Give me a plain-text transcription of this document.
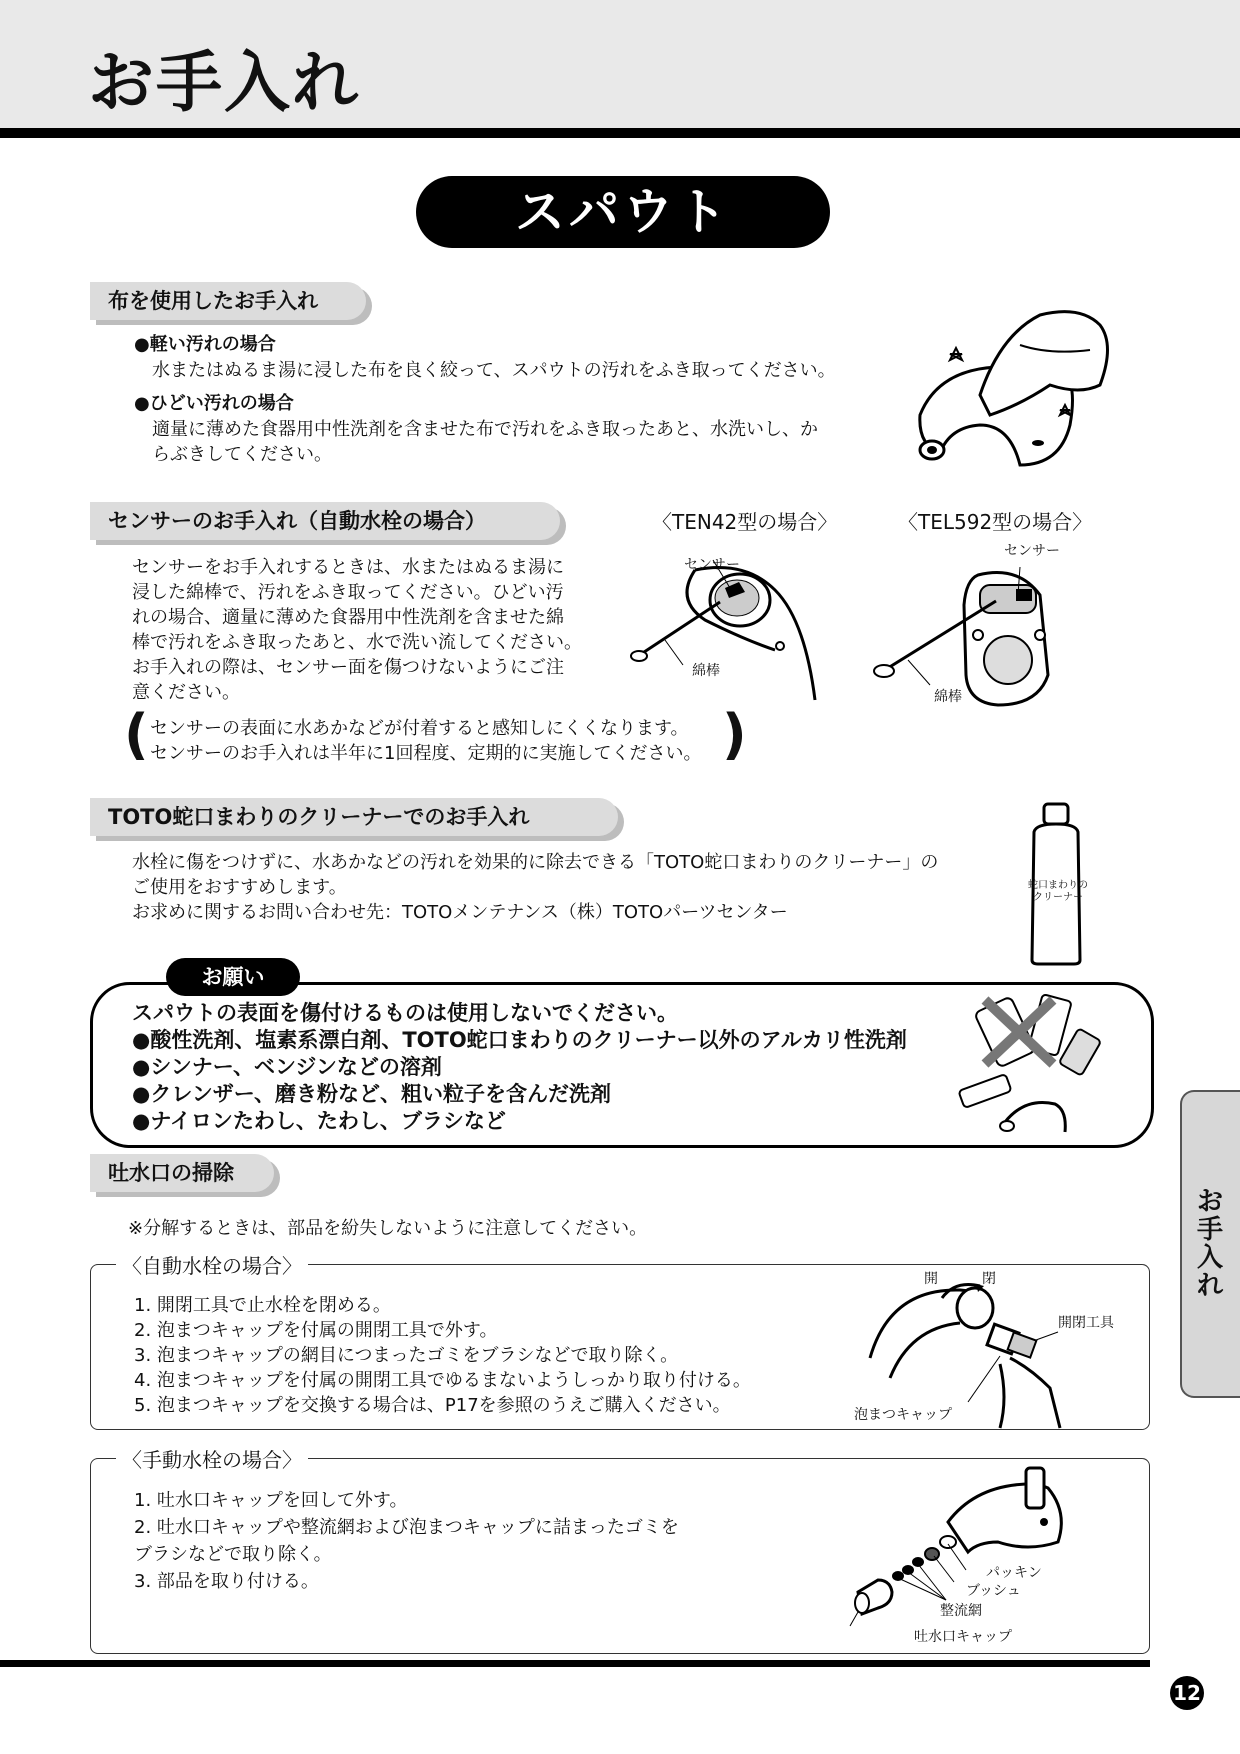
お手入れ
スパウト
布を使用したお手入れ
●軽い汚れの場合
水またはぬるま湯に浸した布を良く絞って、スパウトの汚れをふき取ってください。
●ひどい汚れの場合
適量に薄めた食器用中性洗剤を含ませた布で汚れをふき取ったあと、水洗いし、か
らぶきしてください。
センサーのお手入れ（自動水栓の場合）	〈TEN42型の場合〉	〈TEL592型の場合〉
センサーをお手入れするときは、水またはぬるま湯に
浸した綿棒で、汚れをふき取ってください。ひどい汚
れの場合、適量に薄めた食器用中性洗剤を含ませた綿
棒で汚れをふき取ったあと、水で洗い流してください。
お手入れの際は、センサー面を傷つけないようにご注
意ください。
( センサーの表面に水あかなどが付着すると感知しにくくなります。
センサーのお手入れは半年に1回程度、定期的に実施してください。 )
センサー
綿棒
センサー
綿棒
TOTO蛇口まわりのクリーナーでのお手入れ
水栓に傷をつけずに、水あかなどの汚れを効果的に除去できる「TOTO蛇口まわりのクリーナー」の
ご使用をおすすめします。
お求めに関するお問い合わせ先：TOTOメンテナンス（株）TOTOパーツセンター
蛇口まわりの
クリーナー
お願い
スパウトの表面を傷付けるものは使用しないでください。
●酸性洗剤、塩素系漂白剤、TOTO蛇口まわりのクリーナー以外のアルカリ性洗剤
●シンナー、ベンジンなどの溶剤
●クレンザー、磨き粉など、粗い粒子を含んだ洗剤
●ナイロンたわし、たわし、ブラシなど
吐水口の掃除
※分解するときは、部品を紛失しないように注意してください。
〈自動水栓の場合〉
1. 開閉工具で止水栓を閉める。
2. 泡まつキャップを付属の開閉工具で外す。
3. 泡まつキャップの網目につまったゴミをブラシなどで取り除く。
4. 泡まつキャップを付属の開閉工具でゆるまないようしっかり取り付ける。
5. 泡まつキャップを交換する場合は、P17を参照のうえご購入ください。
開	閉
開閉工具
泡まつキャップ
〈手動水栓の場合〉
1. 吐水口キャップを回して外す。
2. 吐水口キャップや整流網および泡まつキャップに詰まったゴミを
ブラシなどで取り除く。
3. 部品を取り付ける。	パッキン
ブッシュ
整流網
吐水口キャップ
お手入れ
12
